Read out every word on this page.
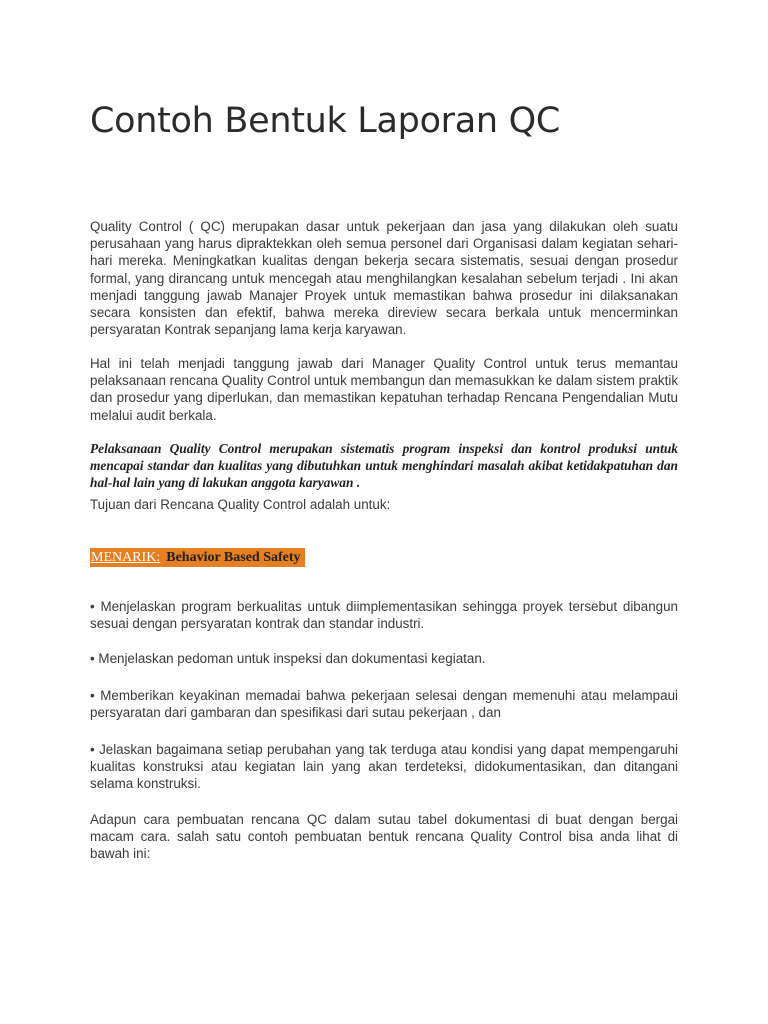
Contoh Bentuk Laporan QC

Quality Control ( QC) merupakan dasar untuk pekerjaan dan jasa yang dilakukan oleh suatu perusahaan yang harus dipraktekkan oleh semua personel dari Organisasi dalam kegiatan sehari-hari mereka. Meningkatkan kualitas dengan bekerja secara sistematis, sesuai dengan prosedur formal, yang dirancang untuk mencegah atau menghilangkan kesalahan sebelum terjadi . Ini akan menjadi tanggung jawab Manajer Proyek untuk memastikan bahwa prosedur ini dilaksanakan secara konsisten dan efektif, bahwa mereka direview secara berkala untuk mencerminkan persyaratan Kontrak sepanjang lama kerja karyawan.

Hal ini telah menjadi tanggung jawab dari Manager Quality Control untuk terus memantau pelaksanaan rencana Quality Control untuk membangun dan memasukkan ke dalam sistem praktik dan prosedur yang diperlukan, dan memastikan kepatuhan terhadap Rencana Pengendalian Mutu melalui audit berkala.

Pelaksanaan Quality Control merupakan sistematis program inspeksi dan kontrol produksi untuk mencapai standar dan kualitas yang dibutuhkan untuk menghindari masalah akibat ketidakpatuhan dan hal-hal lain yang di lakukan anggota karyawan .

Tujuan dari Rencana Quality Control adalah untuk:

MENARIK: Behavior Based Safety

• Menjelaskan program berkualitas untuk diimplementasikan sehingga proyek tersebut dibangun sesuai dengan persyaratan kontrak dan standar industri.

• Menjelaskan pedoman untuk inspeksi dan dokumentasi kegiatan.

• Memberikan keyakinan memadai bahwa pekerjaan selesai dengan memenuhi atau melampaui persyaratan dari gambaran dan spesifikasi dari sutau pekerjaan , dan

• Jelaskan bagaimana setiap perubahan yang tak terduga atau kondisi yang dapat mempengaruhi kualitas konstruksi atau kegiatan lain yang akan terdeteksi, didokumentasikan, dan ditangani selama konstruksi.

Adapun cara pembuatan rencana QC dalam sutau tabel dokumentasi di buat dengan bergai macam cara. salah satu contoh pembuatan bentuk rencana Quality Control bisa anda lihat di bawah ini:
